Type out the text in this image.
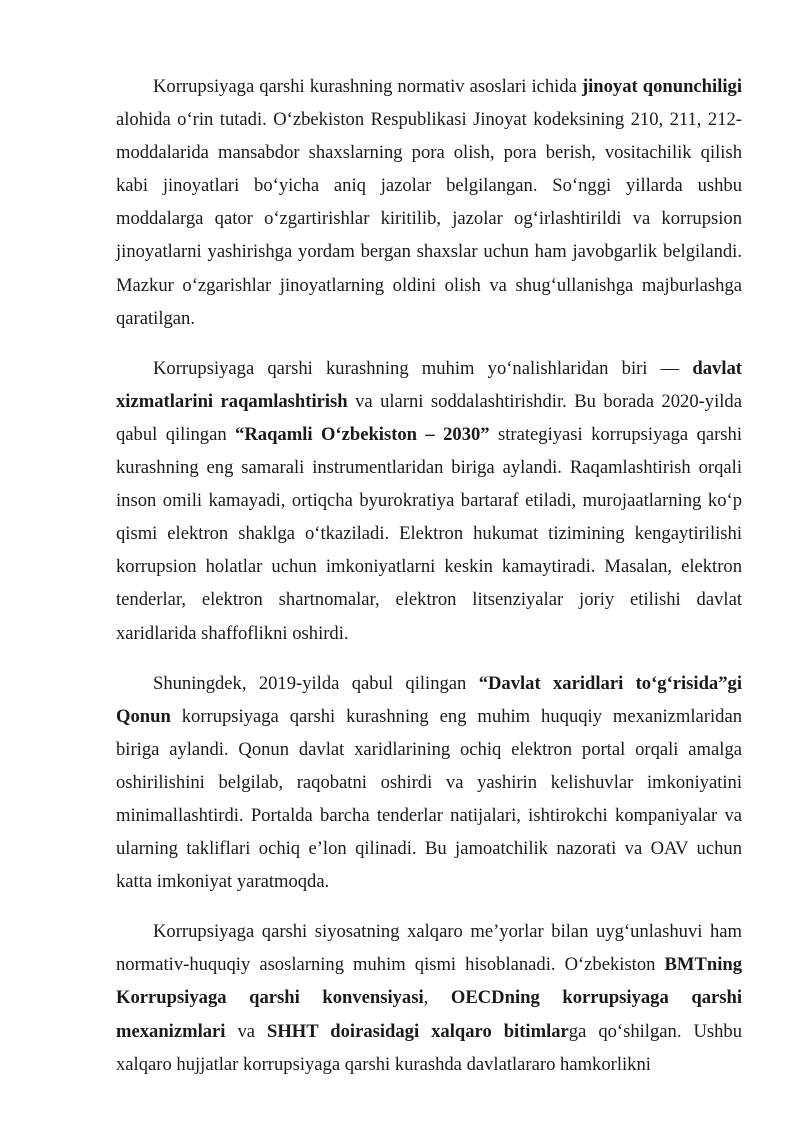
Korrupsiyaga qarshi kurashning normativ asoslari ichida jinoyat qonunchiligi alohida o‘rin tutadi. O‘zbekiston Respublikasi Jinoyat kodeksining 210, 211, 212-moddalarida mansabdor shaxslarning pora olish, pora berish, vositachilik qilish kabi jinoyatlari bo‘yicha aniq jazolar belgilangan. So‘nggi yillarda ushbu moddalarga qator o‘zgartirishlar kiritilib, jazolar og‘irlashtirildi va korrupsion jinoyatlarni yashirishga yordam bergan shaxslar uchun ham javobgarlik belgilandi. Mazkur o‘zgarishlar jinoyatlarning oldini olish va shug‘ullanishga majburlashga qaratilgan.

Korrupsiyaga qarshi kurashning muhim yo‘nalishlaridan biri — davlat xizmatlarini raqamlashtirish va ularni soddalashtirishdir. Bu borada 2020-yilda qabul qilingan “Raqamli O‘zbekiston – 2030” strategiyasi korrupsiyaga qarshi kurashning eng samarali instrumentlaridan biriga aylandi. Raqamlashtirish orqali inson omili kamayadi, ortiqcha byurokratiya bartaraf etiladi, murojaatlarning ko‘p qismi elektron shaklga o‘tkaziladi. Elektron hukumat tizimining kengaytirilishi korrupsion holatlar uchun imkoniyatlarni keskin kamaytiradi. Masalan, elektron tenderlar, elektron shartnomalar, elektron litsenziyalar joriy etilishi davlat xaridlarida shaffoflikni oshirdi.

Shuningdek, 2019-yilda qabul qilingan “Davlat xaridlari to‘g‘risida”gi Qonun korrupsiyaga qarshi kurashning eng muhim huquqiy mexanizmlaridan biriga aylandi. Qonun davlat xaridlarining ochiq elektron portal orqali amalga oshirilishini belgilab, raqobatni oshirdi va yashirin kelishuvlar imkoniyatini minimallashtirdi. Portalda barcha tenderlar natijalari, ishtirokchi kompaniyalar va ularning takliflari ochiq e’lon qilinadi. Bu jamoatchilik nazorati va OAV uchun katta imkoniyat yaratmoqda.

Korrupsiyaga qarshi siyosatning xalqaro me’yorlar bilan uyg‘unlashuvi ham normativ-huquqiy asoslarning muhim qismi hisoblanadi. O‘zbekiston BMTning Korrupsiyaga qarshi konvensiyasi, OECDning korrupsiyaga qarshi mexanizmlari va SHHT doirasidagi xalqaro bitimlarga qo‘shilgan. Ushbu xalqaro hujjatlar korrupsiyaga qarshi kurashda davlatlararo hamkorlikni
